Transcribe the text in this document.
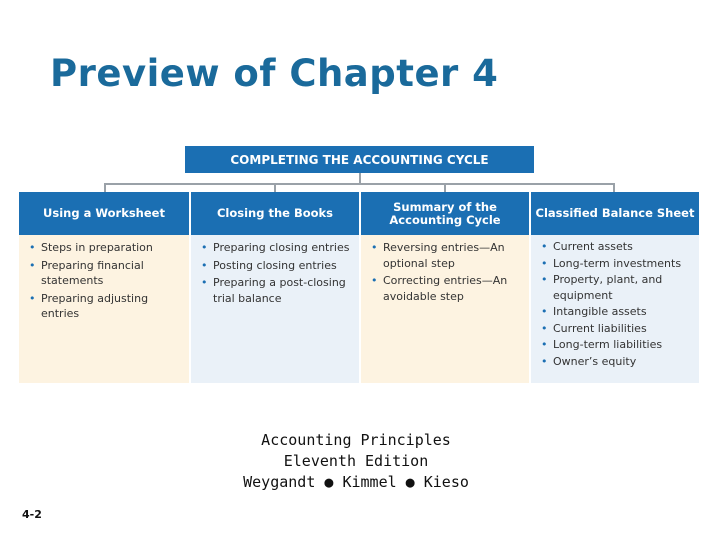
Preview of Chapter 4
COMPLETING THE ACCOUNTING CYCLE
Using a Worksheet
• Steps in preparation
• Preparing financial statements
• Preparing adjusting entries
Closing the Books
• Preparing closing entries
• Posting closing entries
• Preparing a post-closing trial balance
Summary of the Accounting Cycle
• Reversing entries—An optional step
• Correcting entries—An avoidable step
Classified Balance Sheet
• Current assets
• Long-term investments
• Property, plant, and equipment
• Intangible assets
• Current liabilities
• Long-term liabilities
• Owner’s equity
Accounting Principles
Eleventh Edition
Weygandt ● Kimmel ● Kieso
4-2
